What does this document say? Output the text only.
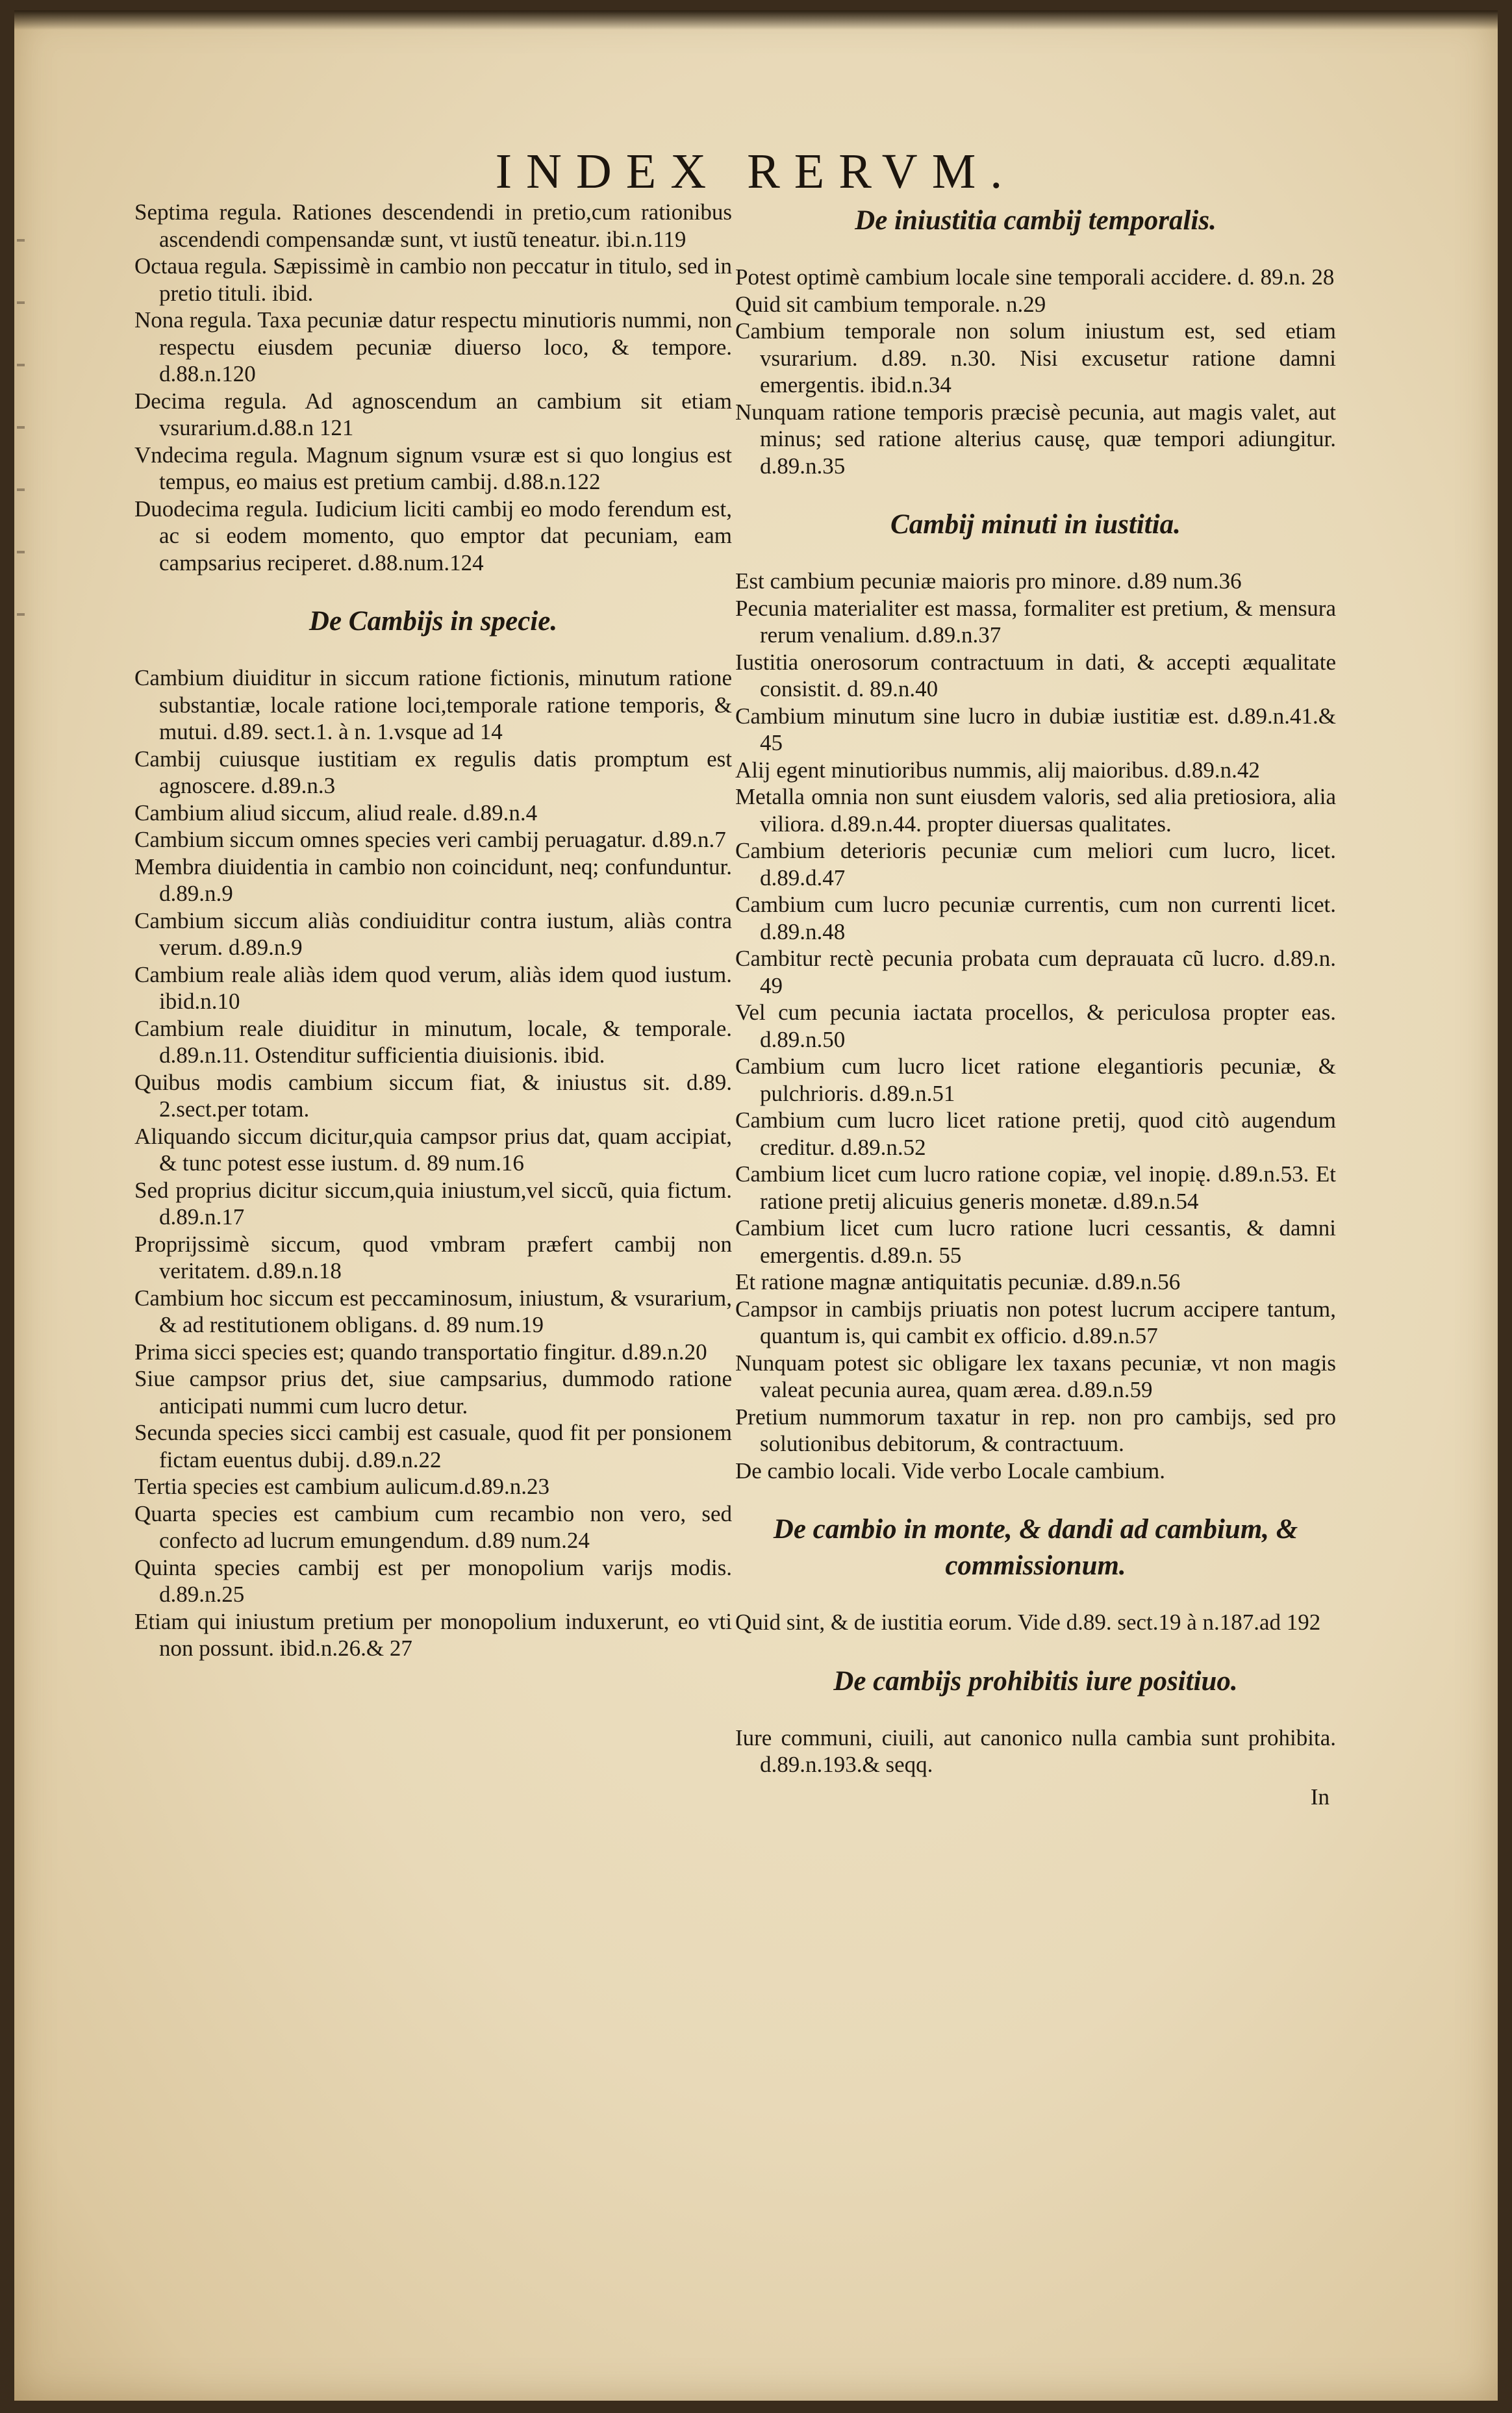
INDEX RERVM.

Septima regula. Rationes descendendi in pretio,cum rationibus ascendendi compensandæ sunt, vt iustũ teneatur. ibi.n.119

Octaua regula. Sæpissimè in cambio non peccatur in titulo, sed in pretio tituli. ibid.

Nona regula. Taxa pecuniæ datur respectu minutioris nummi, non respectu eiusdem pecuniæ diuerso loco, & tempore. d.88.n.120

Decima regula. Ad agnoscendum an cambium sit etiam vsurarium.d.88.n 121

Vndecima regula. Magnum signum vsuræ est si quo longius est tempus, eo maius est pretium cambij. d.88.n.122

Duodecima regula. Iudicium liciti cambij eo modo ferendum est, ac si eodem momento, quo emptor dat pecuniam, eam campsarius reciperet. d.88.num.124

De Cambijs in specie.

Cambium diuiditur in siccum ratione fictionis, minutum ratione substantiæ, locale ratione loci,temporale ratione temporis, & mutui. d.89. sect.1. à n. 1.vsque ad 14

Cambij cuiusque iustitiam ex regulis datis promptum est agnoscere. d.89.n.3

Cambium aliud siccum, aliud reale. d.89.n.4

Cambium siccum omnes species veri cambij peruagatur. d.89.n.7

Membra diuidentia in cambio non coincidunt, neq; confunduntur. d.89.n.9

Cambium siccum aliàs condiuiditur contra iustum, aliàs contra verum. d.89.n.9

Cambium reale aliàs idem quod verum, aliàs idem quod iustum. ibid.n.10

Cambium reale diuiditur in minutum, locale, & temporale. d.89.n.11. Ostenditur sufficientia diuisionis. ibid.

Quibus modis cambium siccum fiat, & iniustus sit. d.89. 2.sect.per totam.

Aliquando siccum dicitur,quia campsor prius dat, quam accipiat, & tunc potest esse iustum. d. 89 num.16

Sed proprius dicitur siccum,quia iniustum,vel siccũ, quia fictum. d.89.n.17

Proprijssimè siccum, quod vmbram præfert cambij non veritatem. d.89.n.18

Cambium hoc siccum est peccaminosum, iniustum, & vsurarium, & ad restitutionem obligans. d. 89 num.19

Prima sicci species est; quando transportatio fingitur. d.89.n.20

Siue campsor prius det, siue campsarius, dummodo ratione anticipati nummi cum lucro detur.

Secunda species sicci cambij est casuale, quod fit per ponsionem fictam euentus dubij. d.89.n.22

Tertia species est cambium aulicum.d.89.n.23

Quarta species est cambium cum recambio non vero, sed confecto ad lucrum emungendum. d.89 num.24

Quinta species cambij est per monopolium varijs modis. d.89.n.25

Etiam qui iniustum pretium per monopolium induxerunt, eo vti non possunt. ibid.n.26.& 27

De iniustitia cambij temporalis.

Potest optimè cambium locale sine temporali accidere. d. 89.n. 28

Quid sit cambium temporale. n.29

Cambium temporale non solum iniustum est, sed etiam vsurarium. d.89. n.30. Nisi excusetur ratione damni emergentis. ibid.n.34

Nunquam ratione temporis præcisè pecunia, aut magis valet, aut minus; sed ratione alterius causę, quæ tempori adiungitur. d.89.n.35

Cambij minuti in iustitia.

Est cambium pecuniæ maioris pro minore. d.89 num.36

Pecunia materialiter est massa, formaliter est pretium, & mensura rerum venalium. d.89.n.37

Iustitia onerosorum contractuum in dati, & accepti æqualitate consistit. d. 89.n.40

Cambium minutum sine lucro in dubiæ iustitiæ est. d.89.n.41.& 45

Alij egent minutioribus nummis, alij maioribus. d.89.n.42

Metalla omnia non sunt eiusdem valoris, sed alia pretiosiora, alia viliora. d.89.n.44. propter diuersas qualitates.

Cambium deterioris pecuniæ cum meliori cum lucro, licet. d.89.d.47

Cambium cum lucro pecuniæ currentis, cum non currenti licet. d.89.n.48

Cambitur rectè pecunia probata cum deprauata cũ lucro. d.89.n. 49

Vel cum pecunia iactata procellos, & periculosa propter eas. d.89.n.50

Cambium cum lucro licet ratione elegantioris pecuniæ, & pulchrioris. d.89.n.51

Cambium cum lucro licet ratione pretij, quod citò augendum creditur. d.89.n.52

Cambium licet cum lucro ratione copiæ, vel inopię. d.89.n.53. Et ratione pretij alicuius generis monetæ. d.89.n.54

Cambium licet cum lucro ratione lucri cessantis, & damni emergentis. d.89.n. 55

Et ratione magnæ antiquitatis pecuniæ. d.89.n.56

Campsor in cambijs priuatis non potest lucrum accipere tantum, quantum is, qui cambit ex officio. d.89.n.57

Nunquam potest sic obligare lex taxans pecuniæ, vt non magis valeat pecunia aurea, quam ærea. d.89.n.59

Pretium nummorum taxatur in rep. non pro cambijs, sed pro solutionibus debitorum, & contractuum.

De cambio locali. Vide verbo Locale cambium.

De cambio in monte, & dandi ad cambium, & commissionum.

Quid sint, & de iustitia eorum. Vide d.89. sect.19 à n.187.ad 192

De cambijs prohibitis iure positiuo.

Iure communi, ciuili, aut canonico nulla cambia sunt prohibita. d.89.n.193.& seqq.

In
